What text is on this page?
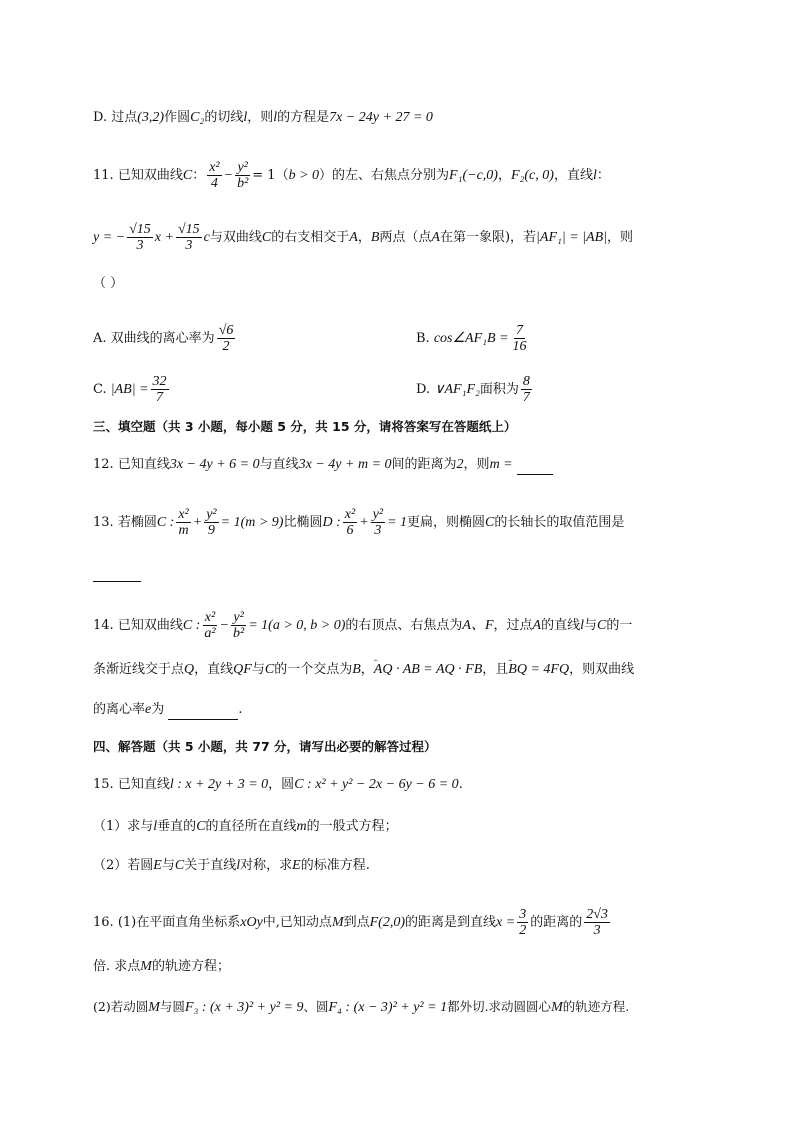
D. 过点(3,2)作圆C₂的切线l，则l的方程是7x − 24y + 27 = 0
11. 已知双曲线C： $\frac{\text{x²}}{4} - \frac{\text{y²}}{\text{b²}} = 1(b > 0)$的左、右焦点分别为F₁(−c,0)，F₂(c, 0)，直线l：
y = − $\frac{√15}{3}$ $x + \frac{√15}{3}$ c与双曲线C的右支相交于A，B两点（点A在第一象限)，若|AF₁| = |AB|，则
（ ）
A. 双曲线的离心率为 $\frac{√6}{2}$	B. cos∠AF₁B = $\frac{7}{16}$
C. $|AB| = \frac{32}{7}$	D. ∨AF₁F₂面积为 $\frac{8}{7}$
三、填空题（共 3 小题，每小题 5 分，共 15 分，请将答案写在答题纸上）
12. 已知直线3x − 4y + 6 = 0与直线3x − 4y + m = 0间的距离为2，则m =
13. 若椭圆C : $\frac{\text{x²}}{m} + \frac{\text{y²}}{9} = 1(m > 9)$比椭圆D : $\frac{\text{x²}}{6} + \frac{\text{y²}}{3} = 1$更扁，则椭圆C的长轴长的取值范围是
14. 已知双曲线C : $\frac{\text{x²}}{\text{a²}} - \frac{\text{y²}}{\text{b²}} = 1(a > 0$, b > 0)的右顶点、右焦点为A、F，过点A的直线l与C的一
条渐近线交于点Q，直线QF与C的一个交点为B，ᵕᵕ AQ · AB = AQ · FB，且ᵕᵕ BQ = 4FQ，则双曲线
的离心率e为	.
四、解答题（共 5 小题，共 77 分，请写出必要的解答过程）
15. 已知直线l : x + 2y + 3 = 0，圆C : x² + y² − 2x − 6y − 6 = 0.
（1）求与l垂直的C的直径所在直线m的一般式方程；
（2）若圆E与C关于直线l对称，求E的标准方程.
16. (1)在平面直角坐标系xOy中,已知动点M到点F(2,0)的距离是到直线$x = \frac{3}{2}$ 的距离的 $\frac{2√3}{3}$
倍. 求点M的轨迹方程；
(2)若动圆M与圆F₃ : (x + 3)² + y² = 9、圆F₄ : (x − 3)² + y² = 1都外切.求动圆圆心M的轨迹方程.
